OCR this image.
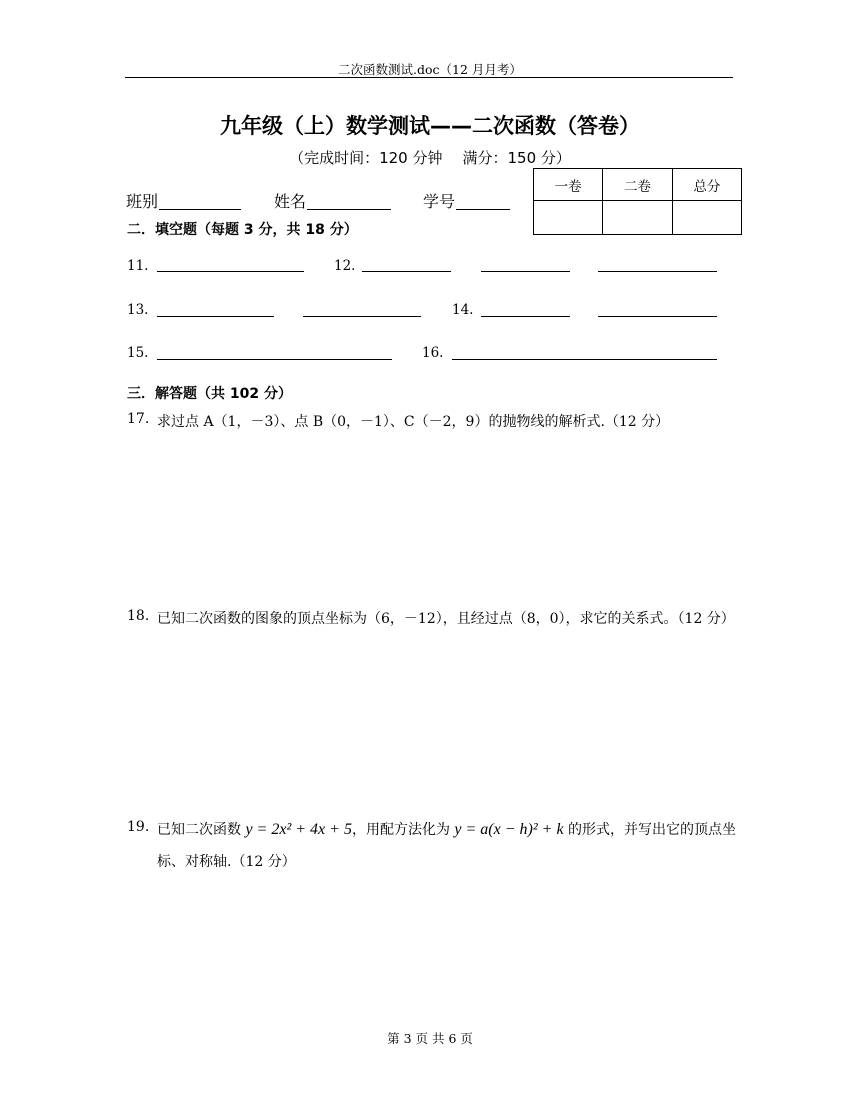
二次函数测试.doc（12 月月考）
九年级（上）数学测试——二次函数（答卷）
（完成时间：120 分钟 满分：150 分）
班别	姓名	学号
一卷	二卷	总分

二．填空题（每题 3 分，共 18 分）
11.	12.
13.	14.
15.	16.
三．解答题（共 102 分）
17. 求过点 A（1，－3）、点 B（0，－1）、C（－2，9）的抛物线的解析式.（12 分）
18. 已知二次函数的图象的顶点坐标为（6，－12），且经过点（8，0），求它的关系式。（12 分）
19. 已知二次函数 y = 2x² + 4x + 5，用配方法化为 y = a(x − h)² + k 的形式，并写出它的顶点坐
标、对称轴.（12 分）
第 3 页 共 6 页
